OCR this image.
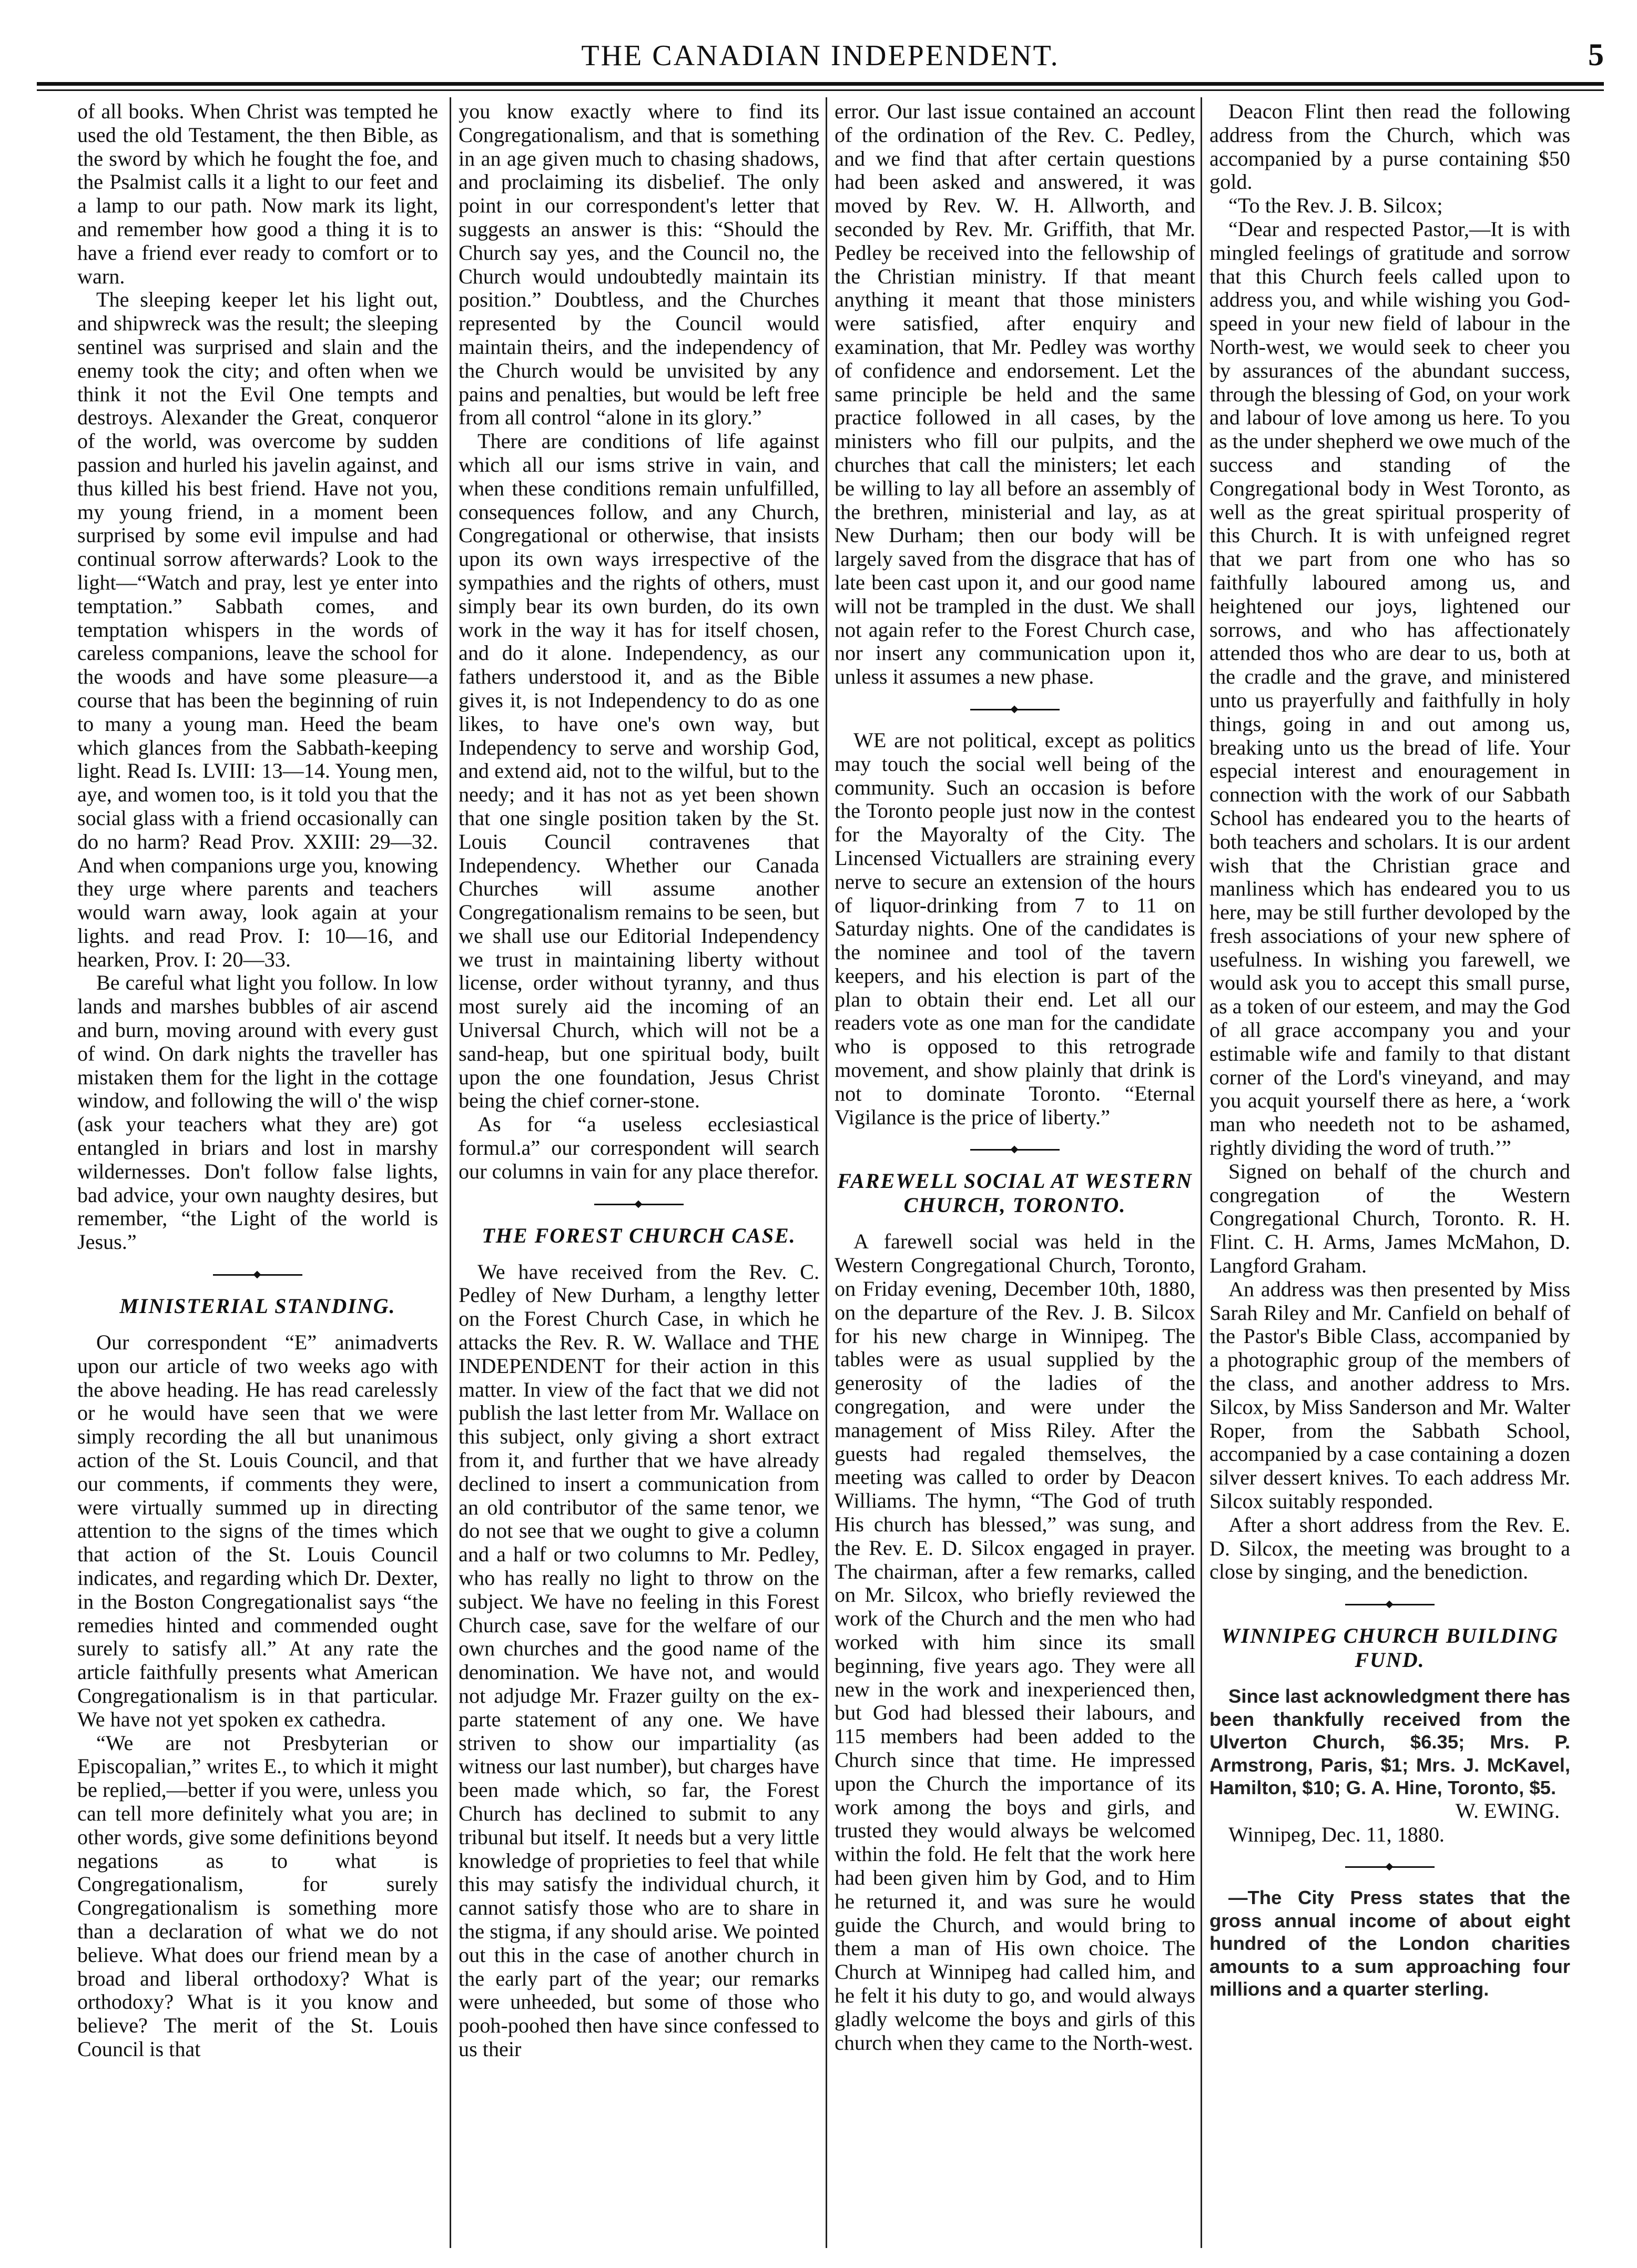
THE CANADIAN INDEPENDENT.	5

of all books. When Christ was tempted he used the old Testament, the then Bible, as the sword by which he fought the foe, and the Psalmist calls it a light to our feet and a lamp to our path. Now mark its light, and remember how good a thing it is to have a friend ever ready to comfort or to warn.

The sleeping keeper let his light out, and shipwreck was the result; the sleeping sentinel was surprised and slain and the enemy took the city; and often when we think it not the Evil One tempts and destroys. Alexander the Great, conqueror of the world, was overcome by sudden passion and hurled his javelin against, and thus killed his best friend. Have not you, my young friend, in a moment been surprised by some evil impulse and had continual sorrow afterwards? Look to the light—“Watch and pray, lest ye enter into temptation.” Sabbath comes, and temptation whispers in the words of careless companions, leave the school for the woods and have some pleasure—a course that has been the beginning of ruin to many a young man. Heed the beam which glances from the Sabbath-keeping light. Read Is. LVIII: 13—14. Young men, aye, and women too, is it told you that the social glass with a friend occasionally can do no harm? Read Prov. XXIII: 29—32. And when companions urge you, knowing they urge where parents and teachers would warn away, look again at your lights. and read Prov. I: 10—16, and hearken, Prov. I: 20—33.

Be careful what light you follow. In low lands and marshes bubbles of air ascend and burn, moving around with every gust of wind. On dark nights the traveller has mistaken them for the light in the cottage window, and following the will o' the wisp (ask your teachers what they are) got entangled in briars and lost in marshy wildernesses. Don't follow false lights, bad advice, your own naughty desires, but remember, “the Light of the world is Jesus.”

MINISTERIAL STANDING.

Our correspondent “E” animadverts upon our article of two weeks ago with the above heading. He has read carelessly or he would have seen that we were simply recording the all but unanimous action of the St. Louis Council, and that our comments, if comments they were, were virtually summed up in directing attention to the signs of the times which that action of the St. Louis Council indicates, and regarding which Dr. Dexter, in the Boston Congregationalist says “the remedies hinted and commended ought surely to satisfy all.” At any rate the article faithfully presents what American Congregationalism is in that particular. We have not yet spoken ex cathedra.

“We are not Presbyterian or Episcopalian,” writes E., to which it might be replied,—better if you were, unless you can tell more definitely what you are; in other words, give some definitions beyond negations as to what is Congregationalism, for surely Congregationalism is something more than a declaration of what we do not believe. What does our friend mean by a broad and liberal orthodoxy? What is orthodoxy? What is it you know and believe? The merit of the St. Louis Council is that

you know exactly where to find its Congregationalism, and that is something in an age given much to chasing shadows, and proclaiming its disbelief. The only point in our correspondent's letter that suggests an answer is this: “Should the Church say yes, and the Council no, the Church would undoubtedly maintain its position.” Doubtless, and the Churches represented by the Council would maintain theirs, and the independency of the Church would be unvisited by any pains and penalties, but would be left free from all control “alone in its glory.”

There are conditions of life against which all our isms strive in vain, and when these conditions remain unfulfilled, consequences follow, and any Church, Congregational or otherwise, that insists upon its own ways irrespective of the sympathies and the rights of others, must simply bear its own burden, do its own work in the way it has for itself chosen, and do it alone. Independency, as our fathers understood it, and as the Bible gives it, is not Independency to do as one likes, to have one's own way, but Independency to serve and worship God, and extend aid, not to the wilful, but to the needy; and it has not as yet been shown that one single position taken by the St. Louis Council contravenes that Independency. Whether our Canada Churches will assume another Congregationalism remains to be seen, but we shall use our Editorial Independency we trust in maintaining liberty without license, order without tyranny, and thus most surely aid the incoming of an Universal Church, which will not be a sand-heap, but one spiritual body, built upon the one foundation, Jesus Christ being the chief corner-stone.

As for “a useless ecclesiastical formul.a” our correspondent will search our columns in vain for any place therefor.

THE FOREST CHURCH CASE.

We have received from the Rev. C. Pedley of New Durham, a lengthy letter on the Forest Church Case, in which he attacks the Rev. R. W. Wallace and THE INDEPENDENT for their action in this matter. In view of the fact that we did not publish the last letter from Mr. Wallace on this subject, only giving a short extract from it, and further that we have already declined to insert a communication from an old contributor of the same tenor, we do not see that we ought to give a column and a half or two columns to Mr. Pedley, who has really no light to throw on the subject. We have no feeling in this Forest Church case, save for the welfare of our own churches and the good name of the denomination. We have not, and would not adjudge Mr. Frazer guilty on the ex-parte statement of any one. We have striven to show our impartiality (as witness our last number), but charges have been made which, so far, the Forest Church has declined to submit to any tribunal but itself. It needs but a very little knowledge of proprieties to feel that while this may satisfy the individual church, it cannot satisfy those who are to share in the stigma, if any should arise. We pointed out this in the case of another church in the early part of the year; our remarks were unheeded, but some of those who pooh-poohed then have since confessed to us their

error. Our last issue contained an account of the ordination of the Rev. C. Pedley, and we find that after certain questions had been asked and answered, it was moved by Rev. W. H. Allworth, and seconded by Rev. Mr. Griffith, that Mr. Pedley be received into the fellowship of the Christian ministry. If that meant anything it meant that those ministers were satisfied, after enquiry and examination, that Mr. Pedley was worthy of confidence and endorsement. Let the same principle be held and the same practice followed in all cases, by the ministers who fill our pulpits, and the churches that call the ministers; let each be willing to lay all before an assembly of the brethren, ministerial and lay, as at New Durham; then our body will be largely saved from the disgrace that has of late been cast upon it, and our good name will not be trampled in the dust. We shall not again refer to the Forest Church case, nor insert any communication upon it, unless it assumes a new phase.

WE are not political, except as politics may touch the social well being of the community. Such an occasion is before the Toronto people just now in the contest for the Mayoralty of the City. The Lincensed Victuallers are straining every nerve to secure an extension of the hours of liquor-drinking from 7 to 11 on Saturday nights. One of the candidates is the nominee and tool of the tavern keepers, and his election is part of the plan to obtain their end. Let all our readers vote as one man for the candidate who is opposed to this retrograde movement, and show plainly that drink is not to dominate Toronto. “Eternal Vigilance is the price of liberty.”

FAREWELL SOCIAL AT WESTERN CHURCH, TORONTO.

A farewell social was held in the Western Congregational Church, Toronto, on Friday evening, December 10th, 1880, on the departure of the Rev. J. B. Silcox for his new charge in Winnipeg. The tables were as usual supplied by the generosity of the ladies of the congregation, and were under the management of Miss Riley. After the guests had regaled themselves, the meeting was called to order by Deacon Williams. The hymn, “The God of truth His church has blessed,” was sung, and the Rev. E. D. Silcox engaged in prayer. The chairman, after a few remarks, called on Mr. Silcox, who briefly reviewed the work of the Church and the men who had worked with him since its small beginning, five years ago. They were all new in the work and inexperienced then, but God had blessed their labours, and 115 members had been added to the Church since that time. He impressed upon the Church the importance of its work among the boys and girls, and trusted they would always be welcomed within the fold. He felt that the work here had been given him by God, and to Him he returned it, and was sure he would guide the Church, and would bring to them a man of His own choice. The Church at Winnipeg had called him, and he felt it his duty to go, and would always gladly welcome the boys and girls of this church when they came to the North-west.

Deacon Flint then read the following address from the Church, which was accompanied by a purse containing $50 gold.

“To the Rev. J. B. Silcox;

“Dear and respected Pastor,—It is with mingled feelings of gratitude and sorrow that this Church feels called upon to address you, and while wishing you God-speed in your new field of labour in the North-west, we would seek to cheer you by assurances of the abundant success, through the blessing of God, on your work and labour of love among us here. To you as the under shepherd we owe much of the success and standing of the Congregational body in West Toronto, as well as the great spiritual prosperity of this Church. It is with unfeigned regret that we part from one who has so faithfully laboured among us, and heightened our joys, lightened our sorrows, and who has affectionately attended thos who are dear to us, both at the cradle and the grave, and ministered unto us prayerfully and faithfully in holy things, going in and out among us, breaking unto us the bread of life. Your especial interest and enouragement in connection with the work of our Sabbath School has endeared you to the hearts of both teachers and scholars. It is our ardent wish that the Christian grace and manliness which has endeared you to us here, may be still further devoloped by the fresh associations of your new sphere of usefulness. In wishing you farewell, we would ask you to accept this small purse, as a token of our esteem, and may the God of all grace accompany you and your estimable wife and family to that distant corner of the Lord's vineyand, and may you acquit yourself there as here, a ‘work man who needeth not to be ashamed, rightly dividing the word of truth.’”

Signed on behalf of the church and congregation of the Western Congregational Church, Toronto. R. H. Flint. C. H. Arms, James McMahon, D. Langford Graham.

An address was then presented by Miss Sarah Riley and Mr. Canfield on behalf of the Pastor's Bible Class, accompanied by a photographic group of the members of the class, and another address to Mrs. Silcox, by Miss Sanderson and Mr. Walter Roper, from the Sabbath School, accompanied by a case containing a dozen silver dessert knives. To each address Mr. Silcox suitably responded.

After a short address from the Rev. E. D. Silcox, the meeting was brought to a close by singing, and the benediction.

WINNIPEG CHURCH BUILDING FUND.

Since last acknowledgment there has been thankfully received from the Ulverton Church, $6.35; Mrs. P. Armstrong, Paris, $1; Mrs. J. McKavel, Hamilton, $10; G. A. Hine, Toronto, $5.

W. EWING.

Winnipeg, Dec. 11, 1880.

—The City Press states that the gross annual income of about eight hundred of the London charities amounts to a sum approaching four millions and a quarter sterling.
